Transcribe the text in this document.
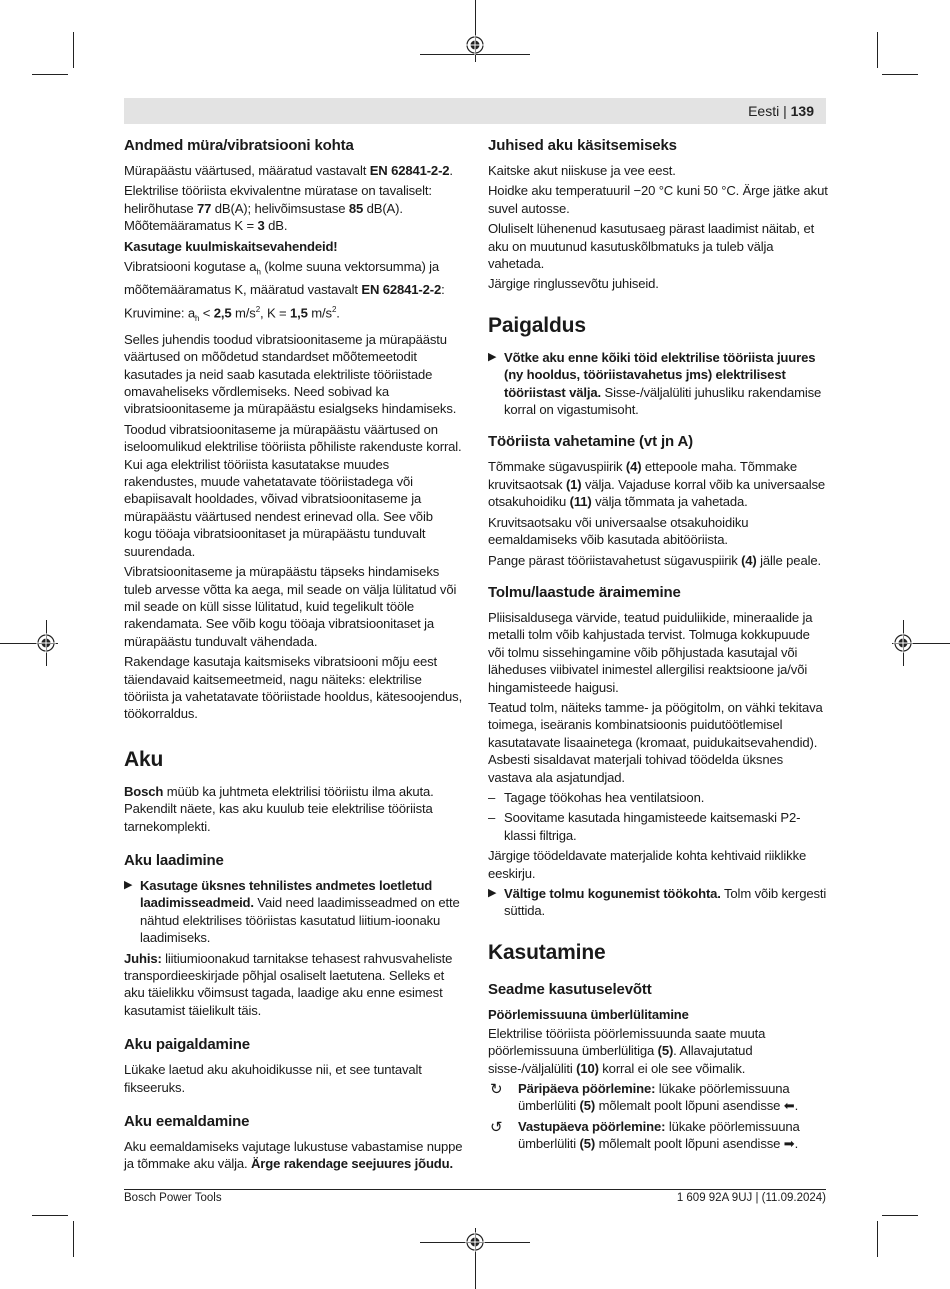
Eesti | 139
Andmed müra/vibratsiooni kohta

Mürapäästu väärtused, määratud vastavalt EN 62841-2-2.

Elektrilise tööriista ekvivalentne müratase on tavaliselt: helirõhutase 77 dB(A); helivõimsustase 85 dB(A). Mõõtemääramatus K = 3 dB.

Kasutage kuulmiskaitsevahendeid!

Vibratsiooni kogutase $a_h$ (kolme suuna vektorsumma) ja mõõtemääramatus K, määratud vastavalt EN 62841-2-2:

Kruvimine: $a_h < 2,5$ $m/s^2$, K = 1,5 $m/s^2$.

Selles juhendis toodud vibratsioonitaseme ja mürapäästu väärtused on mõõdetud standardset mõõtemeetodit kasutades ja neid saab kasutada elektriliste tööriistade omavaheliseks võrdlemiseks. Need sobivad ka vibratsioonitaseme ja mürapäästu esialgseks hindamiseks.

Toodud vibratsioonitaseme ja mürapäästu väärtused on iseloomulikud elektrilise tööriista põhiliste rakenduste korral. Kui aga elektrilist tööriista kasutatakse muudes rakendustes, muude vahetatavate tööriistadega või ebapiisavalt hooldades, võivad vibratsioonitaseme ja mürapäästu väärtused nendest erinevad olla. See võib kogu tööaja vibratsioonitaset ja mürapäästu tunduvalt suurendada.

Vibratsioonitaseme ja mürapäästu täpseks hindamiseks tuleb arvesse võtta ka aega, mil seade on välja lülitatud või mil seade on küll sisse lülitatud, kuid tegelikult tööle rakendamata. See võib kogu tööaja vibratsioonitaset ja mürapäästu tunduvalt vähendada.

Rakendage kasutaja kaitsmiseks vibratsiooni mõju eest täiendavaid kaitsemeetmeid, nagu näiteks: elektrilise tööriista ja vahetatavate tööriistade hooldus, kätesoojendus, töökorraldus.

Aku

Bosch müüb ka juhtmeta elektrilisi tööriistu ilma akuta. Pakendilt näete, kas aku kuulub teie elektrilise tööriista tarnekomplekti.

Aku laadimine

▶ Kasutage üksnes tehnilistes andmetes loetletud laadimisseadmeid. Vaid need laadimisseadmed on ette nähtud elektrilises tööriistas kasutatud liitium-ioonaku laadimiseks.

Juhis: liitiumioonakud tarnitakse tehasest rahvusvaheliste transpordieeskirjade põhjal osaliselt laetutena. Selleks et aku täielikku võimsust tagada, laadige aku enne esimest kasutamist täielikult täis.

Aku paigaldamine

Lükake laetud aku akuhoidikusse nii, et see tuntavalt fikseeruks.

Aku eemaldamine

Aku eemaldamiseks vajutage lukustuse vabastamise nuppe ja tõmmake aku välja. Ärge rakendage seejuures jõudu.

Juhised aku käsitsemiseks

Kaitske akut niiskuse ja vee eest.

Hoidke aku temperatuuril −20 °C kuni 50 °C. Ärge jätke akut suvel autosse.

Oluliselt lühenenud kasutusaeg pärast laadimist näitab, et aku on muutunud kasutuskõlbmatuks ja tuleb välja vahetada.

Järgige ringlussevõtu juhiseid.

Paigaldus

▶ Võtke aku enne kõiki töid elektrilise tööriista juures (ny hooldus, tööriistavahetus jms) elektrilisest tööriistast välja. Sisse-/väljalüliti juhusliku rakendamise korral on vigastumisoht.

Tööriista vahetamine (vt jn A)

Tõmmake sügavuspiirik (4) ettepoole maha. Tõmmake kruvitsaotsak (1) välja. Vajaduse korral võib ka universaalse otsakuhoidiku (11) välja tõmmata ja vahetada.

Kruvitsaotsaku või universaalse otsakuhoidiku eemaldamiseks võib kasutada abitööriista.

Pange pärast tööriistavahetust sügavuspiirik (4) jälle peale.

Tolmu/laastude äraimemine

Pliisisaldusega värvide, teatud puiduliikide, mineraalide ja metalli tolm võib kahjustada tervist. Tolmuga kokkupuude või tolmu sissehingamine võib põhjustada kasutajal või läheduses viibivatel inimestel allergilisi reaktsioone ja/või hingamisteede haigusi.

Teatud tolm, näiteks tamme- ja pöögitolm, on vähki tekitava toimega, iseäranis kombinatsioonis puidutöötlemisel kasutatavate lisaainetega (kromaat, puidukaitsevahendid). Asbesti sisaldavat materjali tohivad töödelda üksnes vastava ala asjatundjad.

– Tagage töökohas hea ventilatsioon.

– Soovitame kasutada hingamisteede kaitsemaski P2-klassi filtriga.

Järgige töödeldavate materjalide kohta kehtivaid riiklikke eeskirju.

▶ Vältige tolmu kogunemist töökohta. Tolm võib kergesti süttida.

Kasutamine
Seadme kasutuselevõtt
Pöörlemissuuna ümberlülitamine

Elektrilise tööriista pöörlemissuunda saate muuta pöörlemissuuna ümberlülitiga (5). Allavajutatud sisse-/väljalüliti (10) korral ei ole see võimalik.

↻ Päripäeva pöörlemine: lükake pöörlemissuuna ümberlüliti (5) mõlemalt poolt lõpuni asendisse ⬅.

↺ Vastupäeva pöörlemine: lükake pöörlemissuuna ümberlüliti (5) mõlemalt poolt lõpuni asendisse ➡.

Bosch Power Tools	1 609 92A 9UJ | (11.09.2024)
